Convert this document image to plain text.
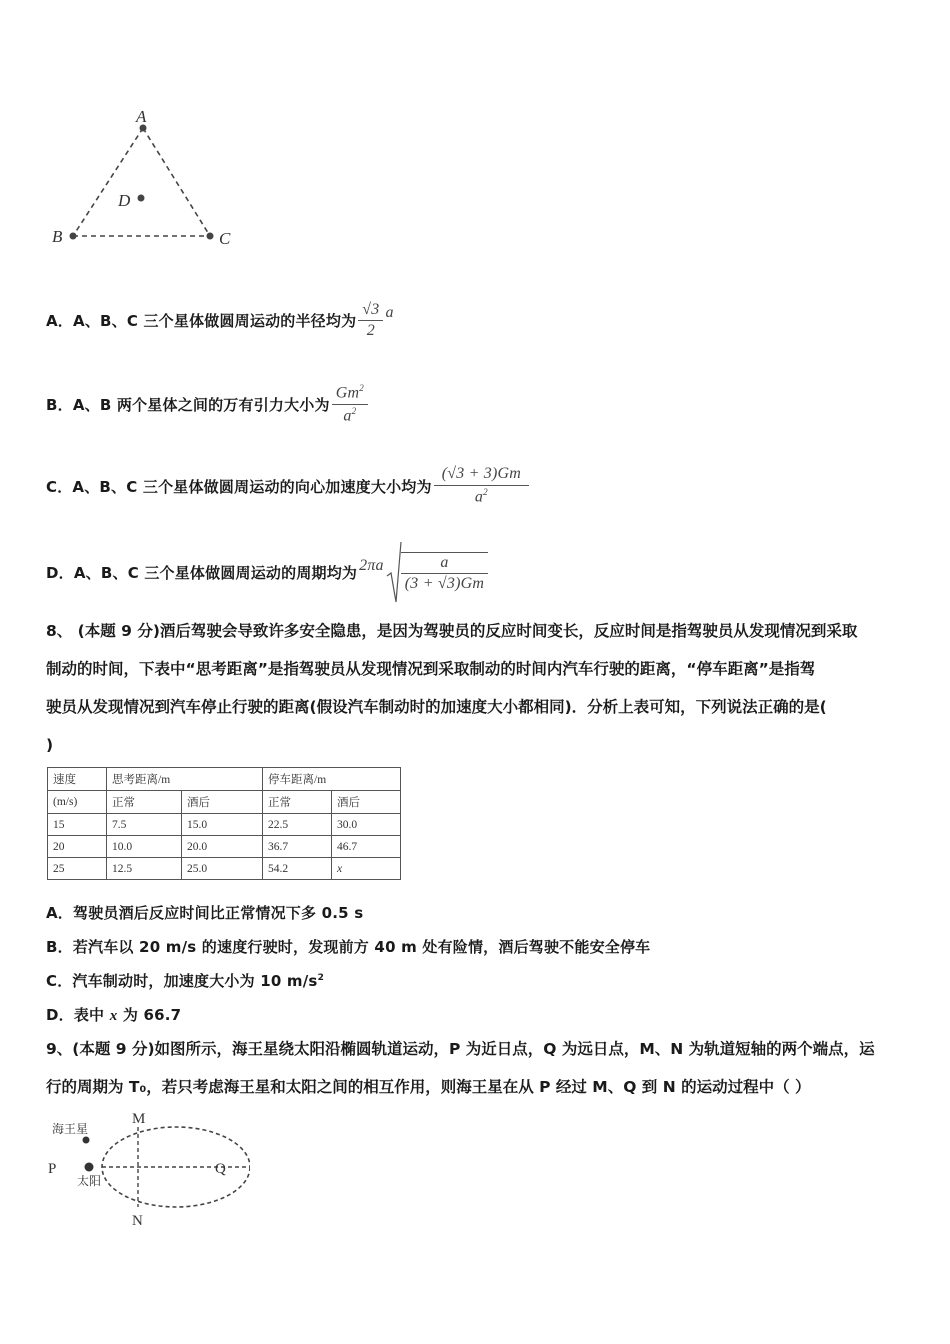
A
B	C
D
A．A、B、C 三个星体做圆周运动的半径均为 $\frac{√3}{2}$ a
B．A、B 两个星体之间的万有引力大小为 $\frac{Gm^2}{a^2}$
C．A、B、C 三个星体做圆周运动的向心加速度大小均为 $\frac{(√3 + 3)Gm}{a^2}$
D．A、B、C 三个星体做圆周运动的周期均为 $2\pi a \frac{a}{(3 + √3)Gm}$
8、 (本题 9 分)酒后驾驶会导致许多安全隐患，是因为驾驶员的反应时间变长，反应时间是指驾驶员从发现情况到采取
制动的时间，下表中“思考距离”是指驾驶员从发现情况到采取制动的时间内汽车行驶的距离，“停车距离”是指驾
驶员从发现情况到汽车停止行驶的距离(假设汽车制动时的加速度大小都相同)．分析上表可知，下列说法正确的是(
)
速度	思考距离/m		停车距离/m	
(m/s)	正常	酒后	正常	酒后
15	7.5	15.0	22.5	30.0
20	10.0	20.0	36.7	46.7
25	12.5	25.0	54.2	x
A．驾驶员酒后反应时间比正常情况下多 0.5 s
B．若汽车以 20 m/s 的速度行驶时，发现前方 40 m 处有险情，酒后驾驶不能安全停车
C．汽车制动时，加速度大小为 10 $m/s^2$
D．表中 x 为 66.7
9、(本题 9 分)如图所示，海王星绕太阳沿椭圆轨道运动，P 为近日点，Q 为远日点，M、N 为轨道短轴的两个端点，运
行的周期为 T₀，若只考虑海王星和太阳之间的相互作用，则海王星在从 P 经过 M、Q 到 N 的运动过程中（ ）
M
N
P	Q
海王星
太阳
